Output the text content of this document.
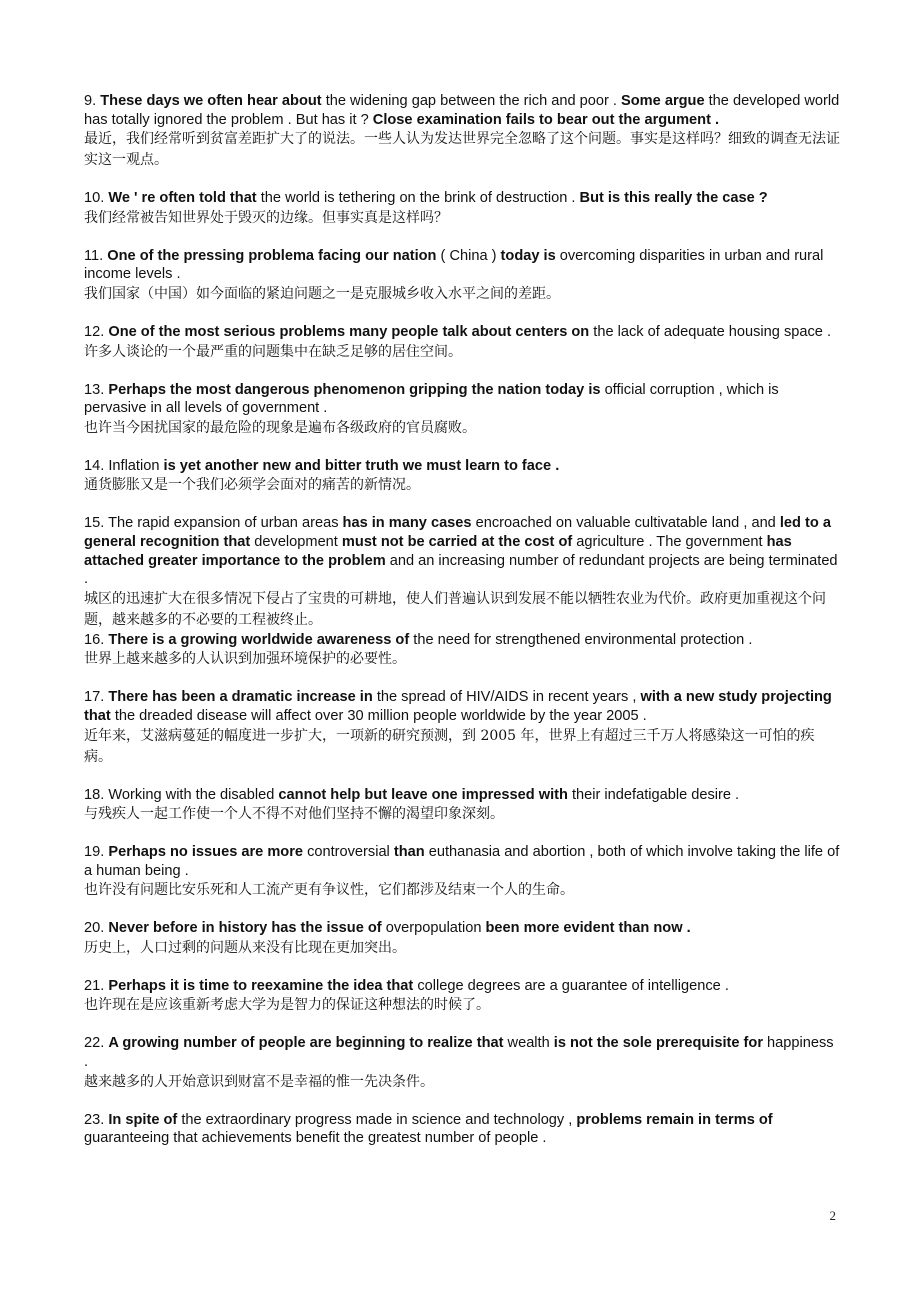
9. These days we often hear about the widening gap between the rich and poor . Some argue the developed world has totally ignored the problem . But has it ? Close examination fails to bear out the argument .

最近，我们经常听到贫富差距扩大了的说法。一些人认为发达世界完全忽略了这个问题。事实是这样吗？细致的调查无法证实这一观点。

10. We ' re often told that the world is tethering on the brink of destruction . But is this really the case ?

我们经常被告知世界处于毁灭的边缘。但事实真是这样吗？

11. One of the pressing problema facing our nation ( China ) today is overcoming disparities in urban and rural income levels .

我们国家（中国）如今面临的紧迫问题之一是克服城乡收入水平之间的差距。

12. One of the most serious problems many people talk about centers on the lack of adequate housing space .

许多人谈论的一个最严重的问题集中在缺乏足够的居住空间。

13. Perhaps the most dangerous phenomenon gripping the nation today is official corruption , which is pervasive in all levels of government .

也许当今困扰国家的最危险的现象是遍布各级政府的官员腐败。

14. Inflation is yet another new and bitter truth we must learn to face .

通货膨胀又是一个我们必须学会面对的痛苦的新情况。

15. The rapid expansion of urban areas has in many cases encroached on valuable cultivatable land , and led to a general recognition that development must not be carried at the cost of agriculture . The government has attached greater importance to the problem and an increasing number of redundant projects are being terminated .

城区的迅速扩大在很多情况下侵占了宝贵的可耕地，使人们普遍认识到发展不能以牺牲农业为代价。政府更加重视这个问题，越来越多的不必要的工程被终止。

16. There is a growing worldwide awareness of the need for strengthened environmental protection .

世界上越来越多的人认识到加强环境保护的必要性。

17. There has been a dramatic increase in the spread of HIV/AIDS in recent years , with a new study projecting that the dreaded disease will affect over 30 million people worldwide by the year 2005 .

近年来，艾滋病蔓延的幅度进一步扩大，一项新的研究预测，到 2005 年，世界上有超过三千万人将感染这一可怕的疾病。

18. Working with the disabled cannot help but leave one impressed with their indefatigable desire .

与残疾人一起工作使一个人不得不对他们坚持不懈的渴望印象深刻。

19. Perhaps no issues are more controversial than euthanasia and abortion , both of which involve taking the life of a human being .

也许没有问题比安乐死和人工流产更有争议性，它们都涉及结束一个人的生命。

20. Never before in history has the issue of overpopulation been more evident than now .

历史上，人口过剩的问题从来没有比现在更加突出。

21. Perhaps it is time to reexamine the idea that college degrees are a guarantee of intelligence .

也许现在是应该重新考虑大学为是智力的保证这种想法的时候了。

22. A growing number of people are beginning to realize that wealth is not the sole prerequisite for happiness .

越来越多的人开始意识到财富不是幸福的惟一先决条件。

23. In spite of the extraordinary progress made in science and technology , problems remain in terms of guaranteeing that achievements benefit the greatest number of people .

2
